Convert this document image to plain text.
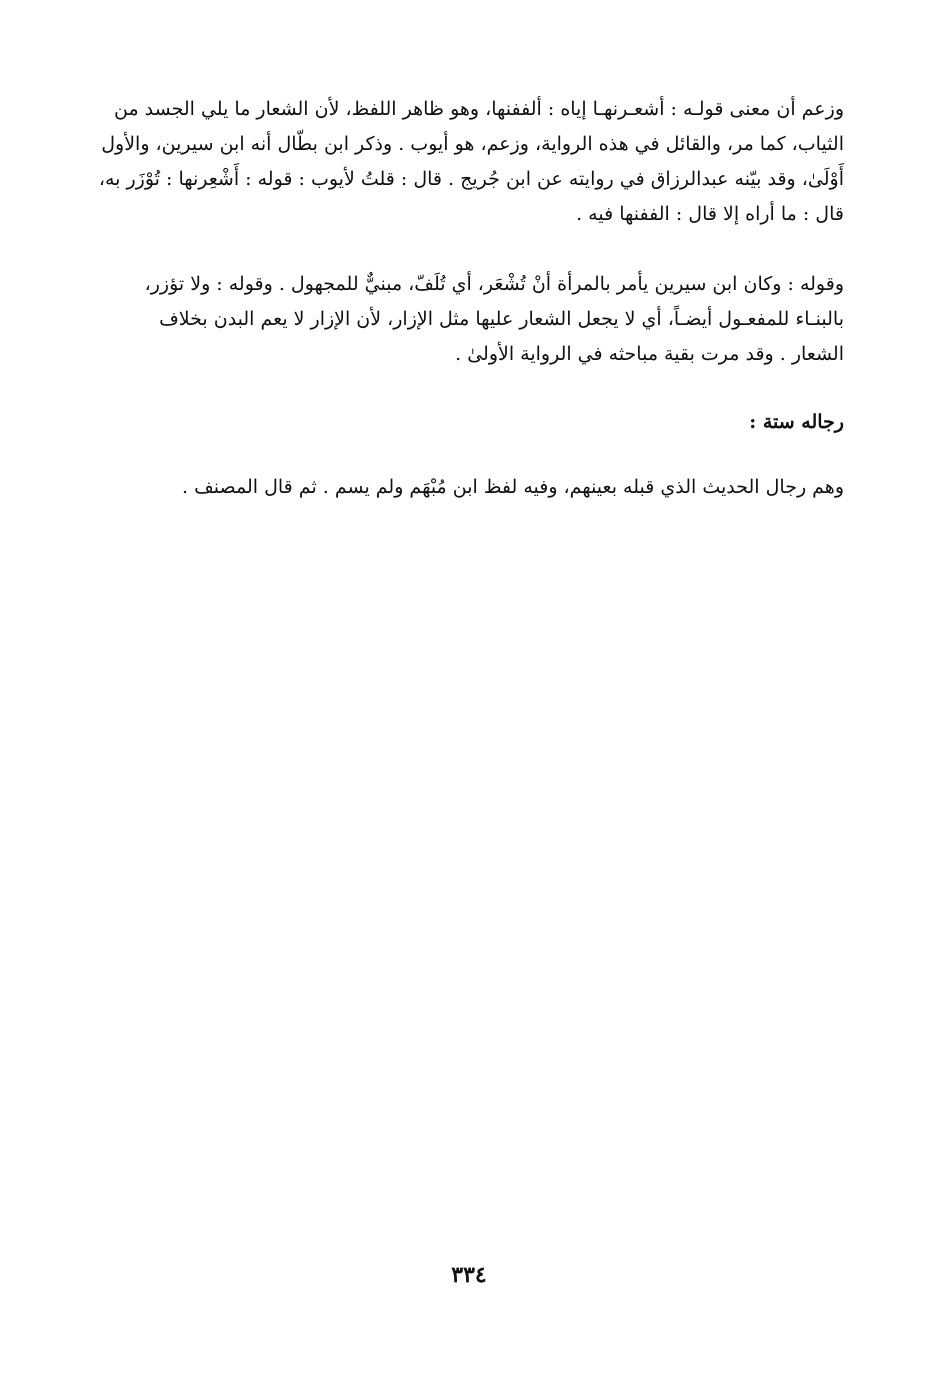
وزعم أن معنى قولـه : أشعـرنهـا إياه : ألففنها، وهو ظاهر اللفظ، لأن الشعار ما يلي الجسد من
الثياب، كما مر، والقائل في هذه الرواية، وزعم، هو أيوب . وذكر ابن بطّال أنه ابن سيرين، والأول
أَوْلَىٰ، وقد بيّنه عبدالرزاق في روايته عن ابن جُريج . قال : قلتُ لأيوب : قوله : أَشْعِرنها : تُوْزَر به،
قال : ما أراه إلا قال : الففنها فيه .
وقوله : وكان ابن سيرين يأمر بالمرأة أنْ تُشْعَر، أي تُلَفّ، مبنيٌّ للمجهول . وقوله : ولا تؤزر،
بالبنـاء للمفعـول أيضـاً، أي لا يجعل الشعار عليها مثل الإزار، لأن الإزار لا يعم البدن بخلاف
الشعار . وقد مرت بقية مباحثه في الرواية الأولىٰ .
رجاله ستة :
وهم رجال الحديث الذي قبله بعينهم، وفيه لفظ ابن مُبْهَم ولم يسم . ثم قال المصنف .
٣٣٤
